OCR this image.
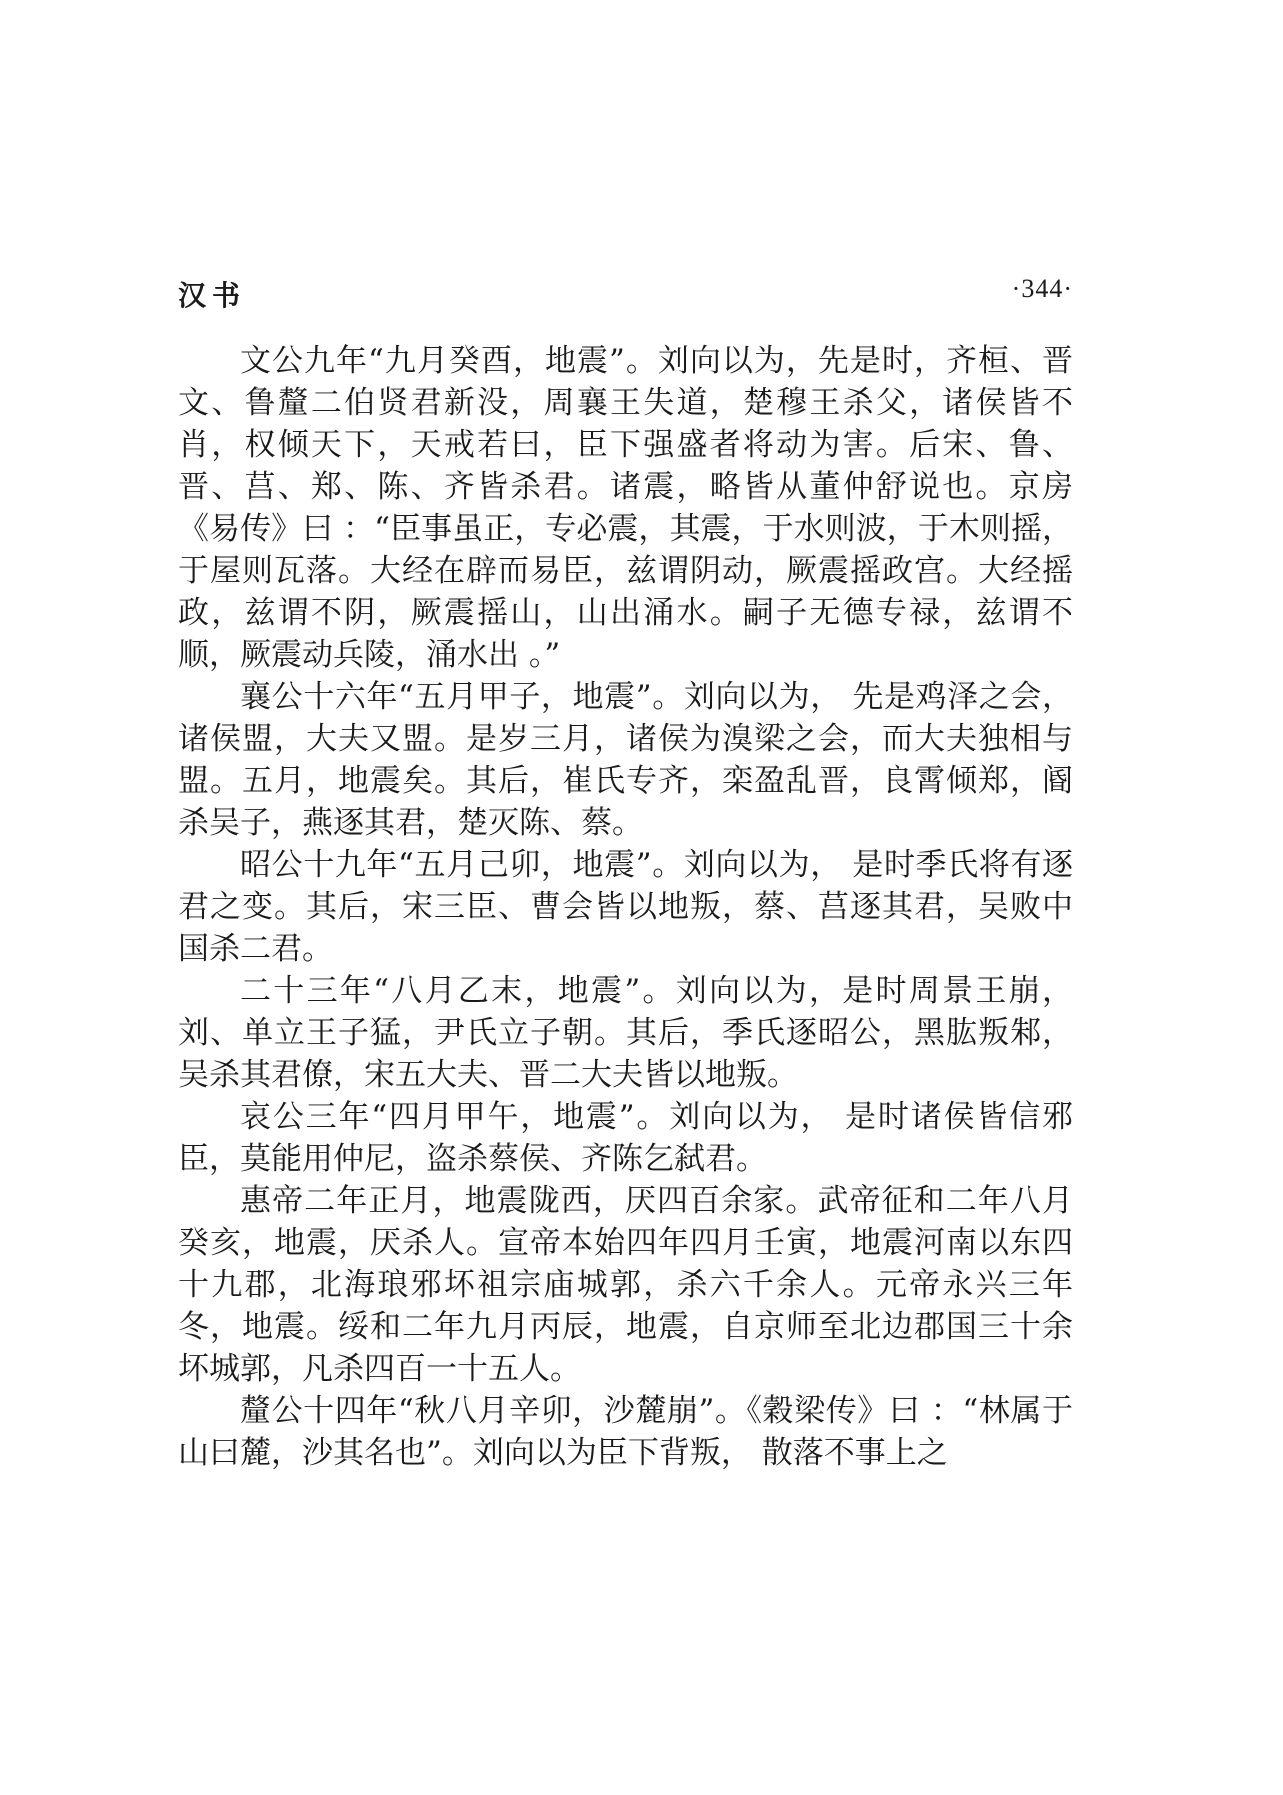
汉书	·344·

文公九年“九月癸酉，地震”。刘向以为，先是时，齐桓、晋文、鲁釐二伯贤君新没，周襄王失道，楚穆王杀父，诸侯皆不肖，权倾天下，天戒若曰，臣下强盛者将动为害。后宋、鲁、晋、莒、郑、陈、齐皆杀君。诸震，略皆从董仲舒说也。京房《易传》曰 ：“臣事虽正，专必震，其震，于水则波，于木则摇，于屋则瓦落。大经在辟而易臣，兹谓阴动，厥震摇政宫。大经摇政，兹谓不阴，厥震摇山，山出涌水。嗣子无德专禄，兹谓不顺，厥震动兵陵，涌水出 。”

襄公十六年“五月甲子，地震”。刘向以为， 先是鸡泽之会，诸侯盟，大夫又盟。是岁三月，诸侯为溴梁之会，而大夫独相与盟。五月，地震矣。其后，崔氏专齐，栾盈乱晋，良霄倾郑，阍杀吴子，燕逐其君，楚灭陈、蔡。

昭公十九年“五月己卯，地震”。刘向以为， 是时季氏将有逐君之变。其后，宋三臣、曹会皆以地叛，蔡、莒逐其君，吴败中国杀二君。

二十三年“八月乙末，地震”。刘向以为，是时周景王崩，刘、单立王子猛，尹氏立子朝。其后，季氏逐昭公，黑肱叛邾，吴杀其君僚，宋五大夫、晋二大夫皆以地叛。

哀公三年“四月甲午，地震”。刘向以为， 是时诸侯皆信邪臣，莫能用仲尼，盗杀蔡侯、齐陈乞弑君。

惠帝二年正月，地震陇西，厌四百余家。武帝征和二年八月癸亥，地震，厌杀人。宣帝本始四年四月壬寅，地震河南以东四十九郡，北海琅邪坏祖宗庙城郭，杀六千余人。元帝永兴三年冬，地震。绥和二年九月丙辰，地震，自京师至北边郡国三十余坏城郭，凡杀四百一十五人。

釐公十四年“秋八月辛卯，沙麓崩”。《穀梁传》曰 ：“林属于山曰麓，沙其名也”。刘向以为臣下背叛， 散落不事上之
